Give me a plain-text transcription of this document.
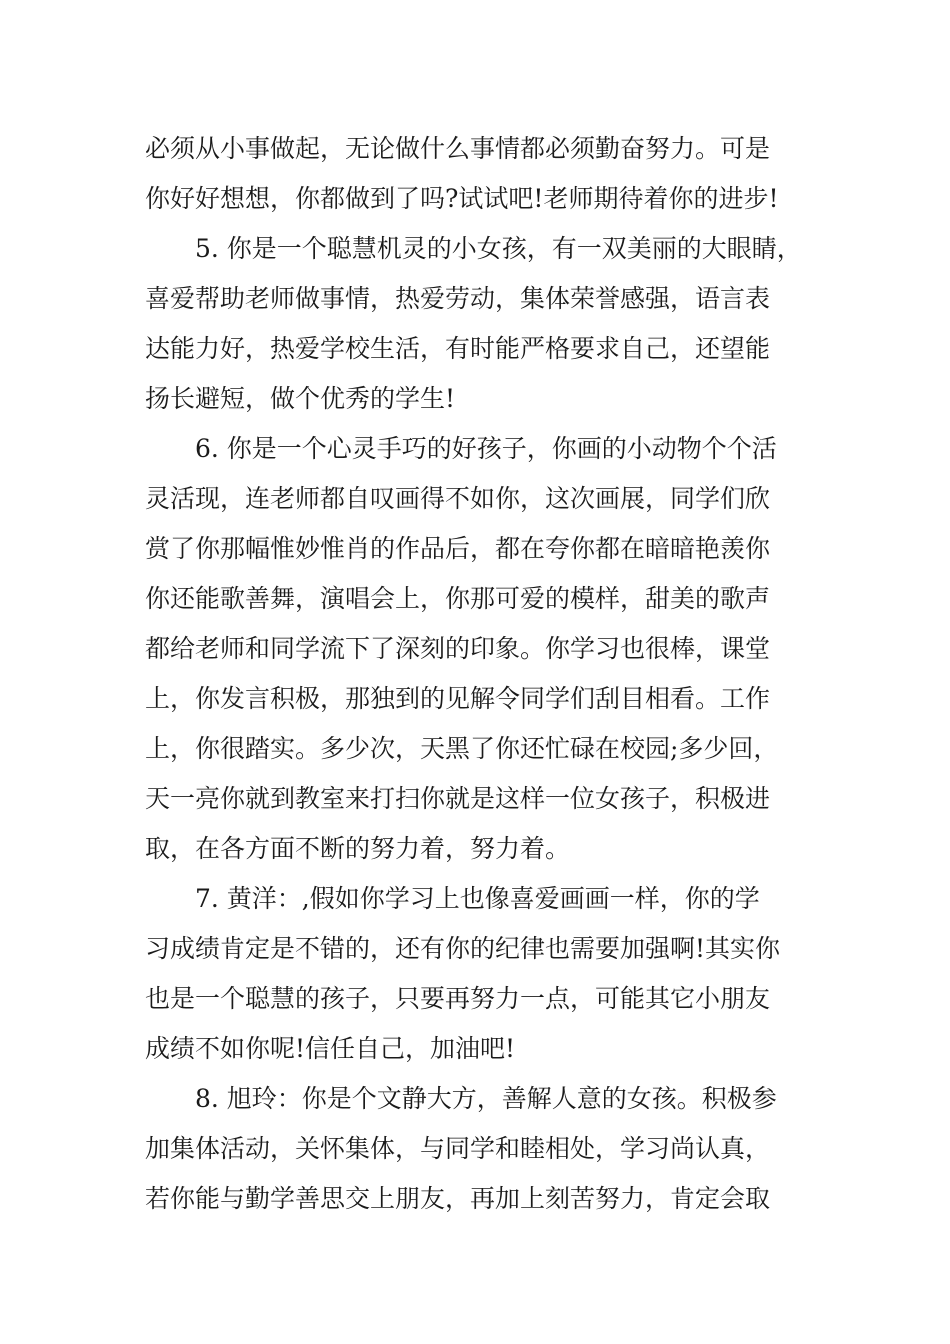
必须从小事做起，无论做什么事情都必须勤奋努力。可是
你好好想想，你都做到了吗?试试吧!老师期待着你的进步!
5. 你是一个聪慧机灵的小女孩，有一双美丽的大眼睛，
喜爱帮助老师做事情，热爱劳动，集体荣誉感强，语言表
达能力好，热爱学校生活，有时能严格要求自己，还望能
扬长避短，做个优秀的学生!
6. 你是一个心灵手巧的好孩子，你画的小动物个个活
灵活现，连老师都自叹画得不如你，这次画展，同学们欣
赏了你那幅惟妙惟肖的作品后，都在夸你都在暗暗艳羡你
你还能歌善舞，演唱会上，你那可爱的模样，甜美的歌声
都给老师和同学流下了深刻的印象。你学习也很棒，课堂
上，你发言积极，那独到的见解令同学们刮目相看。工作
上，你很踏实。多少次，天黑了你还忙碌在校园;多少回，
天一亮你就到教室来打扫你就是这样一位女孩子，积极进
取，在各方面不断的努力着，努力着。
7. 黄洋：,假如你学习上也像喜爱画画一样，你的学
习成绩肯定是不错的，还有你的纪律也需要加强啊!其实你
也是一个聪慧的孩子，只要再努力一点，可能其它小朋友
成绩不如你呢!信任自己，加油吧!
8. 旭玲：你是个文静大方，善解人意的女孩。积极参
加集体活动，关怀集体，与同学和睦相处，学习尚认真，
若你能与勤学善思交上朋友，再加上刻苦努力，肯定会取
